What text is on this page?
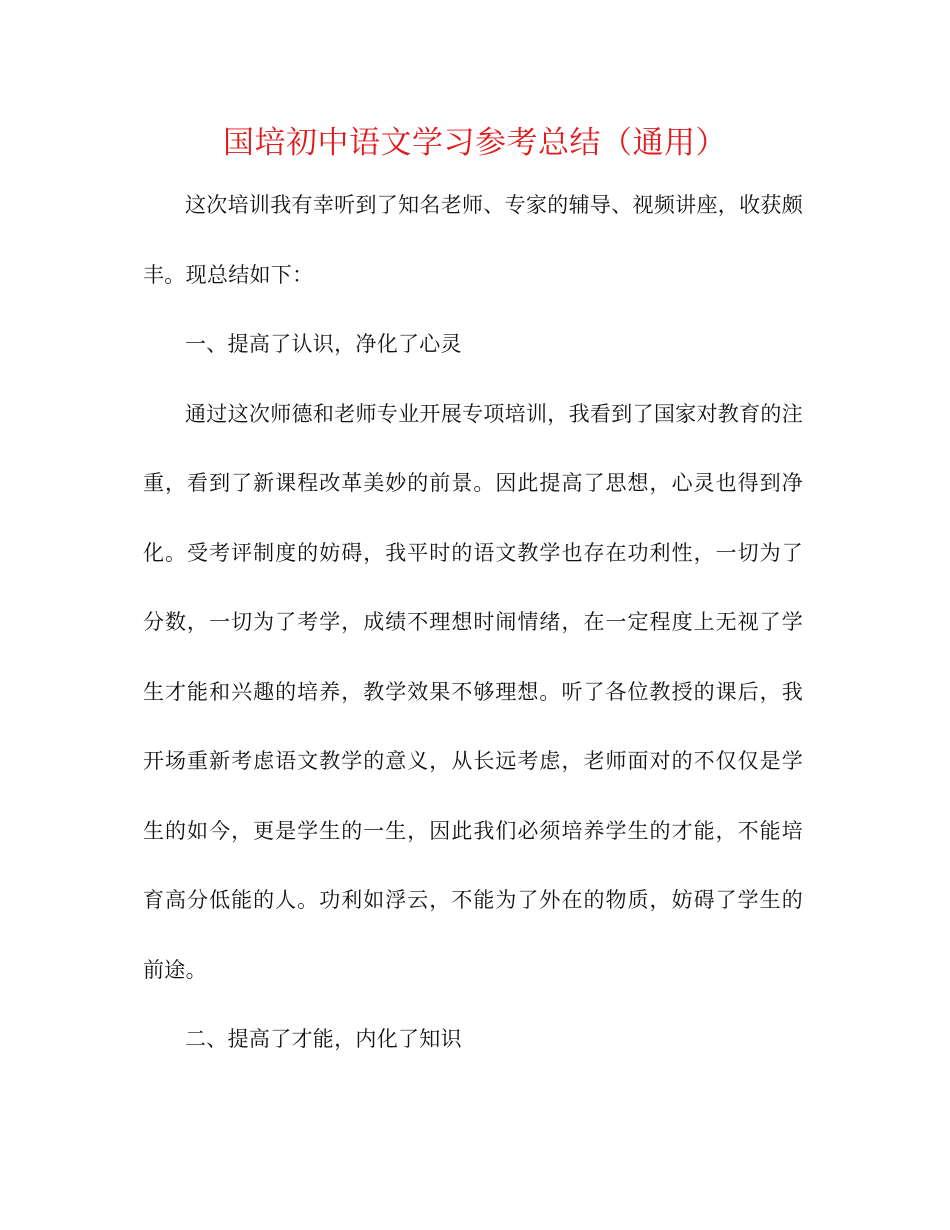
国培初中语文学习参考总结（通用）

这次培训我有幸听到了知名老师、专家的辅导、视频讲座，收获颇丰。现总结如下：

一、提高了认识，净化了心灵

通过这次师德和老师专业开展专项培训，我看到了国家对教育的注重，看到了新课程改革美妙的前景。因此提高了思想，心灵也得到净化。受考评制度的妨碍，我平时的语文教学也存在功利性，一切为了分数，一切为了考学，成绩不理想时闹情绪，在一定程度上无视了学生才能和兴趣的培养，教学效果不够理想。听了各位教授的课后，我开场重新考虑语文教学的意义，从长远考虑，老师面对的不仅仅是学生的如今，更是学生的一生，因此我们必须培养学生的才能，不能培育高分低能的人。功利如浮云，不能为了外在的物质，妨碍了学生的前途。

二、提高了才能，内化了知识
